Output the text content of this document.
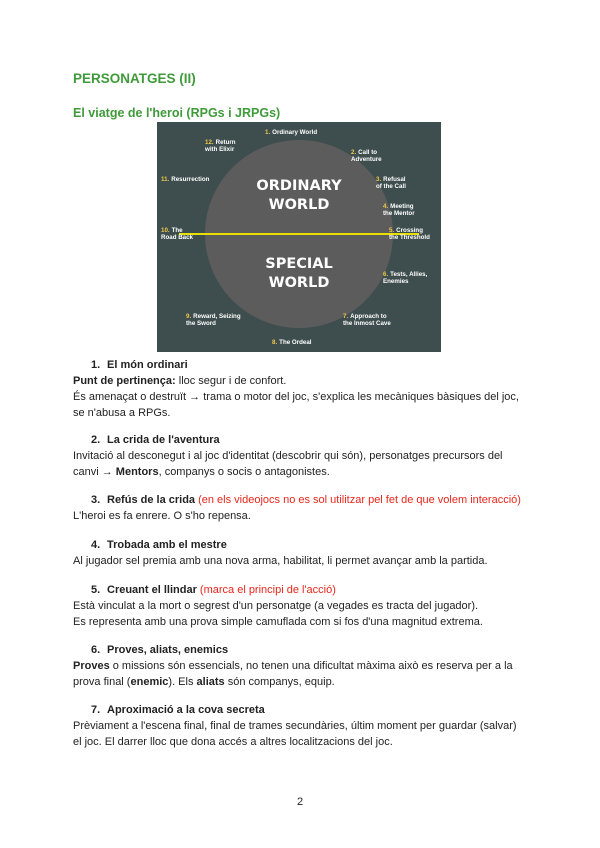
PERSONATGES (II)
El viatge de l'heroi (RPGs i JRPGs)
ORDINARY
WORLD
SPECIAL
WORLD
1. Ordinary World
12. Return
with Elixir	2. Call to
Adventure
11. Resurrection	3. Refusal
of the Call
4. Meeting
the Mentor
10. The
Road Back
5. Crossing
the Threshold
6. Tests, Allies,
Enemies
9. Reward, Seizing
the Sword
7. Approach to
the Inmost Cave
8. The Ordeal
1. El món ordinari
Punt de pertinença: lloc segur i de confort.
És amenaçat o destruït → trama o motor del joc, s'explica les mecàniques bàsiques del joc,
se n'abusa a RPGs.
2. La crida de l'aventura
Invitació al desconegut i al joc d'identitat (descobrir qui són), personatges precursors del
canvi → Mentors, companys o socis o antagonistes.
3. Refús de la crida (en els videojocs no es sol utilitzar pel fet de que volem interacció)
L'heroi es fa enrere. O s'ho repensa.
4. Trobada amb el mestre
Al jugador sel premia amb una nova arma, habilitat, li permet avançar amb la partida.
5. Creuant el llindar (marca el principi de l'acció)
Està vinculat a la mort o segrest d'un personatge (a vegades es tracta del jugador).
Es representa amb una prova simple camuflada com si fos d'una magnitud extrema.
6. Proves, aliats, enemics
Proves o missions són essencials, no tenen una dificultat màxima això es reserva per a la
prova final (enemic). Els aliats són companys, equip.
7. Aproximació a la cova secreta
Prèviament a l'escena final, final de trames secundàries, últim moment per guardar (salvar)
el joc. El darrer lloc que dona accés a altres localitzacions del joc.
2
